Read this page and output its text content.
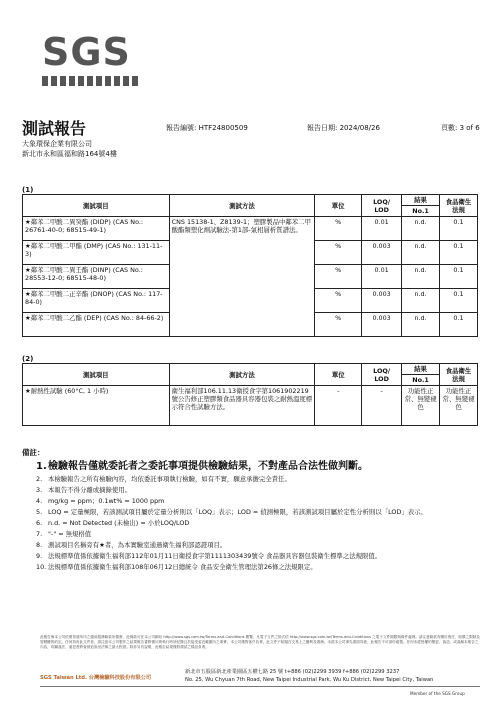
SGS
測試報告
大象環保企業有限公司
新北市永和區福和路164號4樓
報告編號: HTF24800509	報告日期: 2024/08/26	頁數: 3 of 6
(1)
測試項目	測試方法	單位	LOQ/
LOD	結果	食品衛生
法規
				No.1	
★鄰苯二甲酸二異癸酯 (DIDP) (CAS No.: 26761-40-0; 68515-49-1)	CNS 15138-1、Z8139-1；塑膠製品中鄰苯二甲酸酯類塑化劑試驗法-第1部-氣相層析質譜法。	%	0.01	n.d.	0.1
★鄰苯二甲酸二甲酯 (DMP) (CAS No.: 131-11-3)		%	0.003	n.d.	0.1
★鄰苯二甲酸二異壬酯 (DINP) (CAS No.: 28553-12-0; 68515-48-0)		%	0.01	n.d.	0.1
★鄰苯二甲酸二正辛酯 (DNOP) (CAS No.: 117-84-0)		%	0.003	n.d.	0.1
★鄰苯二甲酸二乙酯 (DEP) (CAS No.: 84-66-2)		%	0.003	n.d.	0.1
(2)
測試項目	測試方法	單位	LOQ/
LOD	結果	食品衛生
法規
				No.1	
★耐熱性試驗 (60°C, 1 小時)	衛生福利部106.11.13衛授食字第1061902219號公告修正塑膠類食品器具容器包裝之耐熱溫度標示符合性試驗方法。	-	-	功能性正常、無變褪色	功能性正常、無變褪色
備註：
1. 檢驗報告僅就委託者之委託事項提供檢驗結果，不對產品合法性做判斷。
2. 本檢驗報告之所有檢驗內容，均依委託事項執行檢驗，如有不實，願意承擔完全責任。
3. 本報告不得分離或摘錄使用。
4. mg/kg = ppm；0.1wt% = 1000 ppm
5. LOQ = 定量極限，若該測試項目屬於定量分析則以「LOQ」表示；LOD = 偵測極限，若該測試項目屬於定性分析則以「LOD」表示。
6. n.d. = Not Detected (未檢出) = 小於LOQ/LOD
7. "-" = 無規格值
8. 測試項目名稱旁有★者，為本實驗室通過衛生福利部認證項目。
9. 法規標準值係依據衛生福利部112年01月11日衛授食字第1111303439號令 食品器具容器包裝衛生標準之法規限值。
10. 法規標準值係依據衛生福利部108年06月12日總統令 食品安全衛生管理法第26條之法規限定。
此報告係本公司依照背面所印之通用服務條款所簽發，此條款可在本公司網站 http://www.sgs.com.tw/Terms-and-Conditions 閱覽，凡電子文件之格式依 http://www.sgs.com.tw/Terms-and-Conditions 之電子文件期限與條件處理。請注意條款有關於責任、賠償之限制及管轄權的約定。任何持有此文件者，請注意本公司製作之結果報告書將僅反映執行時所紀錄且於接受委託範圍內之事實。本公司僅對客戶負責，此文件不妨礙在交易上之權利及義務。未經本公司事先書面同意，此報告不可部份複製。任何未經授權的變更、偽造、或曲解本報告之內容，均屬違法，違犯者將會被追訴至法律之最大程度。除非另有說明，此報告結果僅對測試之樣品負責。
SGS Taiwan Ltd. 台灣檢驗科技股份有限公司
新北市五股區新北產業園區五權七路 25 號 t+886 (02)2299 3939 f+886 (02)2299 3237
No. 25, Wu Chyuan 7th Road, New Taipei Industrial Park, Wu Ku District, New Taipei City, Taiwan
Member of the SGS Group
